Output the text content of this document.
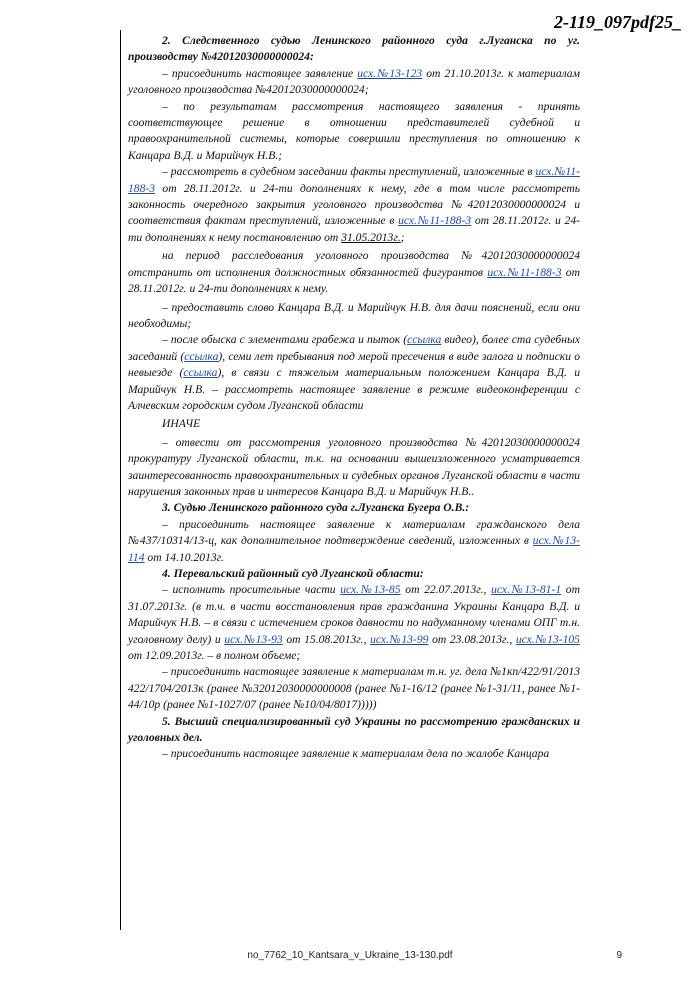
2-119_097pdf25_

2. Следственного судью Ленинского районного суда г.Луганска по уг. производству №42012030000000024:

– присоединить настоящее заявление исх.№13-123 от 21.10.2013г. к материалам уголовного производства №42012030000000024;

– по результатам рассмотрения настоящего заявления - принять соответствующее решение в отношении представителей судебной и правоохранительной системы, которые совершили преступления по отношению к Канцара В.Д. и Марийчук Н.В.;

– рассмотреть в судебном заседании факты преступлений, изложенные в исх.№11-188-3 от 28.11.2012г. и 24-ти дополнениях к нему, где в том числе рассмотреть законность очередного закрытия уголовного производства №42012030000000024 и соответствия фактам преступлений, изложенные в исх.№11-188-3 от 28.11.2012г. и 24-ти дополнениях к нему постановлению от 31.05.2013г.;

на период расследования уголовного производства №42012030000000024 отстранить от исполнения должностных обязанностей фигурантов исх.№11-188-3 от 28.11.2012г. и 24-ти дополнениях к нему.

– предоставить слово Канцара В.Д. и Марийчук Н.В. для дачи пояснений, если они необходимы;

– после обыска с элементами грабежа и пыток (ссылка видео), более ста судебных заседаний (ссылка), семи лет пребывания под мерой пресечения в виде залога и подписки о невыезде (ссылка), в связи с тяжелым материальным положением Канцара В.Д. и Марийчук Н.В. – рассмотреть настоящее заявление в режиме видеоконференции с Алчевским городским судом Луганской области

ИНАЧЕ

– отвести от рассмотрения уголовного производства №42012030000000024 прокуратуру Луганской области, т.к. на основании вышеизложенного усматривается заинтересованность правоохранительных и судебных органов Луганской области в части нарушения законных прав и интересов Канцара В.Д. и Марийчук Н.В..

3. Судью Ленинского районного суда г.Луганска Бугера О.В.:

– присоединить настоящее заявление к материалам гражданского дела №437/10314/13-ц, как дополнительное подтверждение сведений, изложенных в исх.№13-114 от 14.10.2013г.

4. Перевальский районный суд Луганской области:

– исполнить просительные части исх.№13-85 от 22.07.2013г., исх.№13-81-1 от 31.07.2013г. (в т.ч. в части восстановления прав гражданина Украины Канцара В.Д. и Марийчук Н.В. – в связи с истечением сроков давности по надуманному членами ОПГ т.н. уголовному делу) и исх.№13-93 от 15.08.2013г., исх.№13-99 от 23.08.2013г., исх.№13-105 от 12.09.2013г. – в полном объеме;

– присоединить настоящее заявление к материалам т.н. уг. дела №1кп/422/91/2013 422/1704/2013к (ранее №32012030000000008 (ранее №1-16/12 (ранее №1-31/11, ранее №1-44/10р (ранее №1-1027/07 (ранее №10/04/8017)))))

5. Высший специализированный суд Украины по рассмотрению гражданских и уголовных дел.

– присоединить настоящее заявление к материалам дела по жалобе Канцара

no_7762_10_Kantsara_v_Ukraine_13-130.pdf	9
